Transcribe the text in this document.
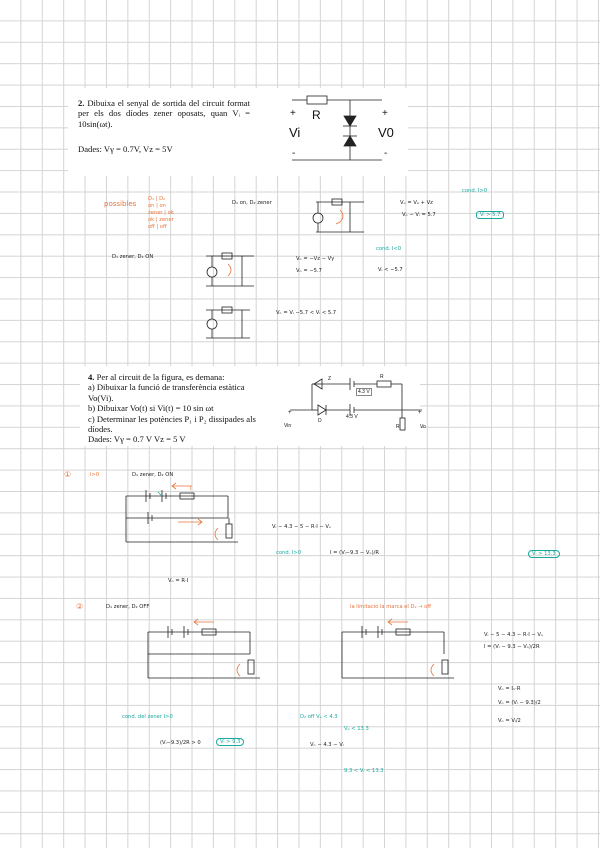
2. Dibuixa el senyal de sortida del circuit format per els dos díodes zener oposats, quan Vᵢ = 10sin(ωt).
Dades: Vγ = 0.7V, Vz = 5V
+ R
Vi
-
+
V0
-
possibles
D₁ | D₂
on | on
zener | ok
ok | zener
off | off
D₁ on, D₂ zener	Vₒ = Vₐ + Vz
cond. I>0
Vₒ − Vᵢ = 5.7	Vᵢ > 5.7
D₁ zener, D₂ ON	Vₒ = −Vz − Vγ
cond. I<0
Vₒ = −5.7	Vᵢ < −5.7
Vₒ = Vᵢ −5.7 < Vᵢ < 5.7
4. Per al circuit de la figura, es demana:
a) Dibuixar la funció de transferència estàtica Vo(Vi).
b) Dibuixar Vo(t) si Vi(t) = 10 sin ωt
c) Determinar les potències P₁ i P₂ dissipades als díodes.
Dades: Vγ = 0.7 V Vz = 5 V
Z	R
4.3 V
4.3 V
D
+
Vin	R
+
Vo
①	I>0	D₁ zener, D₂ ON
I
Vᵢ − 4.3 − 5 − R·I − Vₒ
cond. I>0	I = (Vᵢ−9.3 − Vₒ)/R	Vᵢ > 13.3
Vₒ = R·I
②	D₁ zener, D₂ OFF	la limitació la marca el D₂ → off
Vᵢ − 5 − 4.3 − R·I − Vₒ
I = (Vᵢ − 9.3 − Vₒ)/2R
Vₒ = Iₓ·R
Vₒ = (Vᵢ − 9.3)/2
Vₒ = Vᵢ/2
cond. del zener I>0
(Vᵢ−9.3)/2R > 0	Vᵢ > 9.3
D₂ off Vₐ < 4.3
Vₐ < 13.3
Vₒ − 4.3 − Vᵢ
9.3 < Vᵢ < 13.3
